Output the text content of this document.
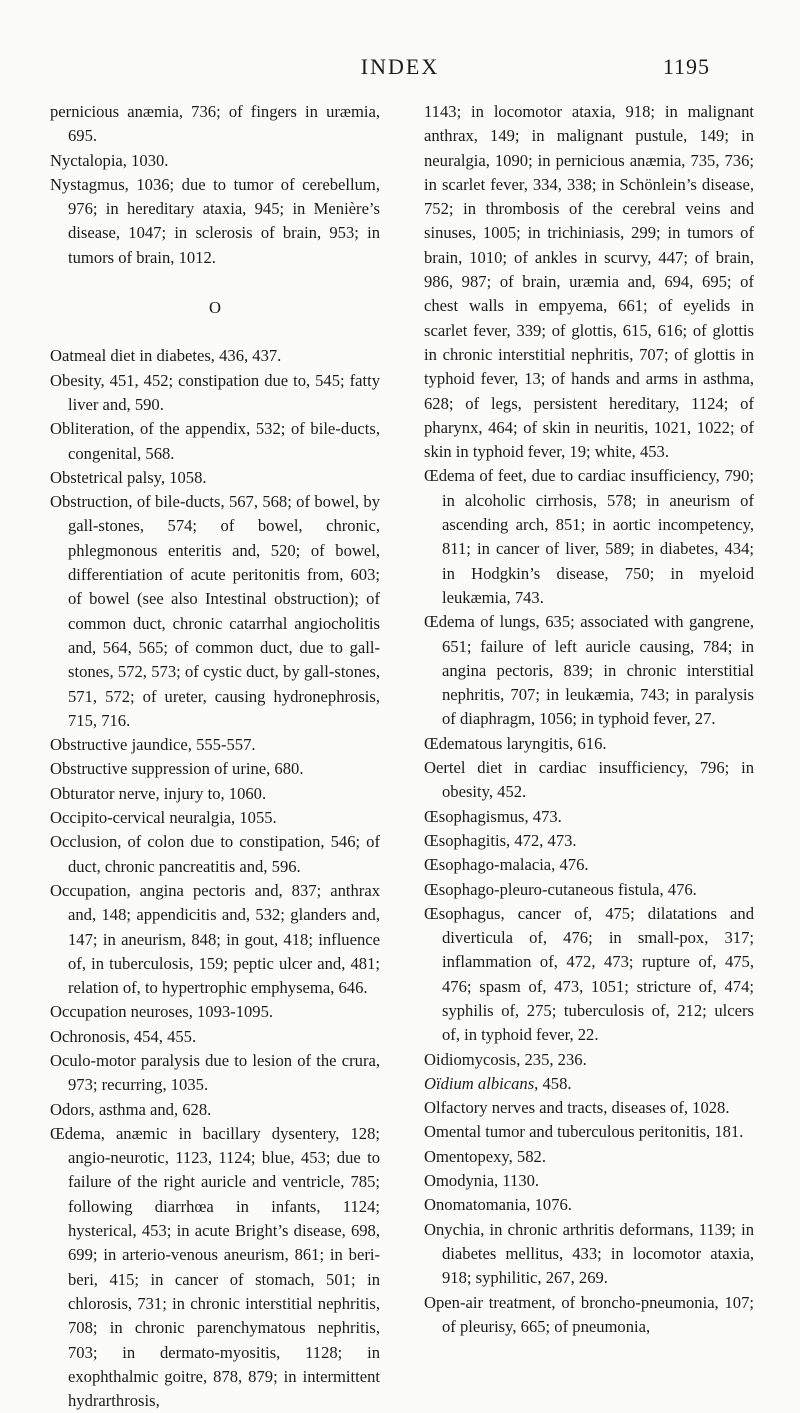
INDEX	1195

pernicious anæmia, 736; of fingers in uræmia, 695.

Nyctalopia, 1030.

Nystagmus, 1036; due to tumor of cerebellum, 976; in hereditary ataxia, 945; in Menière’s disease, 1047; in sclerosis of brain, 953; in tumors of brain, 1012.

O

Oatmeal diet in diabetes, 436, 437.

Obesity, 451, 452; constipation due to, 545; fatty liver and, 590.

Obliteration, of the appendix, 532; of bile-ducts, congenital, 568.

Obstetrical palsy, 1058.

Obstruction, of bile-ducts, 567, 568; of bowel, by gall-stones, 574; of bowel, chronic, phlegmonous enteritis and, 520; of bowel, differentiation of acute peritonitis from, 603; of bowel (see also Intestinal obstruction); of common duct, chronic catarrhal angiocholitis and, 564, 565; of common duct, due to gall-stones, 572, 573; of cystic duct, by gall-stones, 571, 572; of ureter, causing hydronephrosis, 715, 716.

Obstructive jaundice, 555-557.

Obstructive suppression of urine, 680.

Obturator nerve, injury to, 1060.

Occipito-cervical neuralgia, 1055.

Occlusion, of colon due to constipation, 546; of duct, chronic pancreatitis and, 596.

Occupation, angina pectoris and, 837; anthrax and, 148; appendicitis and, 532; glanders and, 147; in aneurism, 848; in gout, 418; influence of, in tuberculosis, 159; peptic ulcer and, 481; relation of, to hypertrophic emphysema, 646.

Occupation neuroses, 1093-1095.

Ochronosis, 454, 455.

Oculo-motor paralysis due to lesion of the crura, 973; recurring, 1035.

Odors, asthma and, 628.

Œdema, anæmic in bacillary dysentery, 128; angio-neurotic, 1123, 1124; blue, 453; due to failure of the right auricle and ventricle, 785; following diarrhœa in infants, 1124; hysterical, 453; in acute Bright’s disease, 698, 699; in arterio-venous aneurism, 861; in beri-beri, 415; in cancer of stomach, 501; in chlorosis, 731; in chronic interstitial nephritis, 708; in chronic parenchymatous nephritis, 703; in dermato-myositis, 1128; in exophthalmic goitre, 878, 879; in intermittent hydrarthrosis,

1143; in locomotor ataxia, 918; in malignant anthrax, 149; in malignant pustule, 149; in neuralgia, 1090; in pernicious anæmia, 735, 736; in scarlet fever, 334, 338; in Schönlein’s disease, 752; in thrombosis of the cerebral veins and sinuses, 1005; in trichiniasis, 299; in tumors of brain, 1010; of ankles in scurvy, 447; of brain, 986, 987; of brain, uræmia and, 694, 695; of chest walls in empyema, 661; of eyelids in scarlet fever, 339; of glottis, 615, 616; of glottis in chronic interstitial nephritis, 707; of glottis in typhoid fever, 13; of hands and arms in asthma, 628; of legs, persistent hereditary, 1124; of pharynx, 464; of skin in neuritis, 1021, 1022; of skin in typhoid fever, 19; white, 453.

Œdema of feet, due to cardiac insufficiency, 790; in alcoholic cirrhosis, 578; in aneurism of ascending arch, 851; in aortic incompetency, 811; in cancer of liver, 589; in diabetes, 434; in Hodgkin’s disease, 750; in myeloid leukæmia, 743.

Œdema of lungs, 635; associated with gangrene, 651; failure of left auricle causing, 784; in angina pectoris, 839; in chronic interstitial nephritis, 707; in leukæmia, 743; in paralysis of diaphragm, 1056; in typhoid fever, 27.

Œdematous laryngitis, 616.

Oertel diet in cardiac insufficiency, 796; in obesity, 452.

Œsophagismus, 473.

Œsophagitis, 472, 473.

Œsophago-malacia, 476.

Œsophago-pleuro-cutaneous fistula, 476.

Œsophagus, cancer of, 475; dilatations and diverticula of, 476; in small-pox, 317; inflammation of, 472, 473; rupture of, 475, 476; spasm of, 473, 1051; stricture of, 474; syphilis of, 275; tuberculosis of, 212; ulcers of, in typhoid fever, 22.

Oidiomycosis, 235, 236.

Oïdium albicans, 458.

Olfactory nerves and tracts, diseases of, 1028.

Omental tumor and tuberculous peritonitis, 181.

Omentopexy, 582.

Omodynia, 1130.

Onomatomania, 1076.

Onychia, in chronic arthritis deformans, 1139; in diabetes mellitus, 433; in locomotor ataxia, 918; syphilitic, 267, 269.

Open-air treatment, of broncho-pneumonia, 107; of pleurisy, 665; of pneumonia,
